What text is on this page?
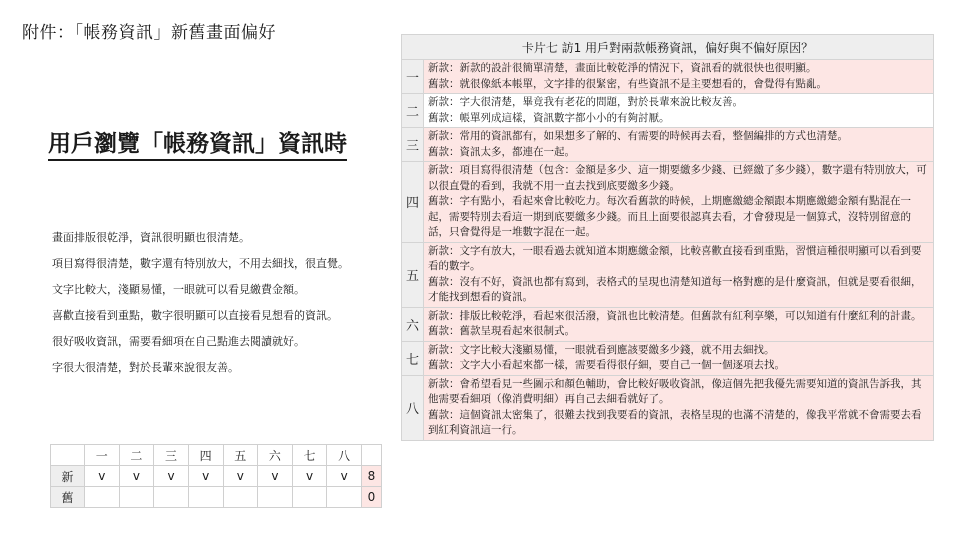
附件：「帳務資訊」新舊畫面偏好
用戶瀏覽「帳務資訊」資訊時
畫面排版很乾淨，資訊很明顯也很清楚。
項目寫得很清楚，數字還有特別放大，不用去細找，很直覺。
文字比較大，淺顯易懂，一眼就可以看見繳費金額。
喜歡直接看到重點，數字很明顯可以直接看見想看的資訊。
很好吸收資訊，需要看細項在自己點進去閱讀就好。
字很大很清楚，對於長輩來說很友善。
	一	二	三	四	五	六	七	八	
新	v	v	v	v	v	v	v	v	8
舊									0
卡片七 訪1 用戶對兩款帳務資訊，偏好與不偏好原因？	
一	新款：新款的設計很簡單清楚，畫面比較乾淨的情況下，資訊看的就很快也很明顯。
舊款：就很像紙本帳單，文字排的很緊密，有些資訊不是主要想看的，會覺得有點亂。

二	新款：字大很清楚，畢竟我有老花的問題，對於長輩來說比較友善。
舊款：帳單列成這樣，資訊數字都小小的有夠討厭。

三	新款：常用的資訊都有，如果想多了解的、有需要的時候再去看，整個編排的方式也清楚。
舊款：資訊太多，都連在一起。

四	新款：項目寫得很清楚（包含：金額是多少、這一期要繳多少錢、已經繳了多少錢），數字還有特別放大，可以很直覺的看到，我就不用一直去找到底要繳多少錢。
舊款：字有點小，看起來會比較吃力。每次看舊款的時候，上期應繳總金額跟本期應繳總金額有點混在一起，需要特別去看這一期到底要繳多少錢。而且上面要很認真去看，才會發現是一個算式，沒特別留意的話，只會覺得是一堆數字混在一起。

五	新款：文字有放大，一眼看過去就知道本期應繳金額，比較喜歡直接看到重點，習慣這種很明顯可以看到要看的數字。
舊款：沒有不好，資訊也都有寫到，表格式的呈現也清楚知道每一格對應的是什麼資訊，但就是要看很細，才能找到想看的資訊。

六	新款：排版比較乾淨，看起來很活潑，資訊也比較清楚。但舊款有紅利享樂，可以知道有什麼紅利的計畫。
舊款：舊款呈現看起來很制式。

七	新款：文字比較大淺顯易懂，一眼就看到應該要繳多少錢，就不用去細找。
舊款：文字大小看起來都一樣，需要看得很仔細，要自己一個一個逐項去找。

八	新款：會希望看見一些圖示和顏色輔助，會比較好吸收資訊，像這個先把我優先需要知道的資訊告訴我，其他需要看細項（像消費明細）再自己去細看就好了。
舊款：這個資訊太密集了，很難去找到我要看的資訊，表格呈現的也滿不清楚的，像我平常就不會需要去看到紅利資訊這一行。
